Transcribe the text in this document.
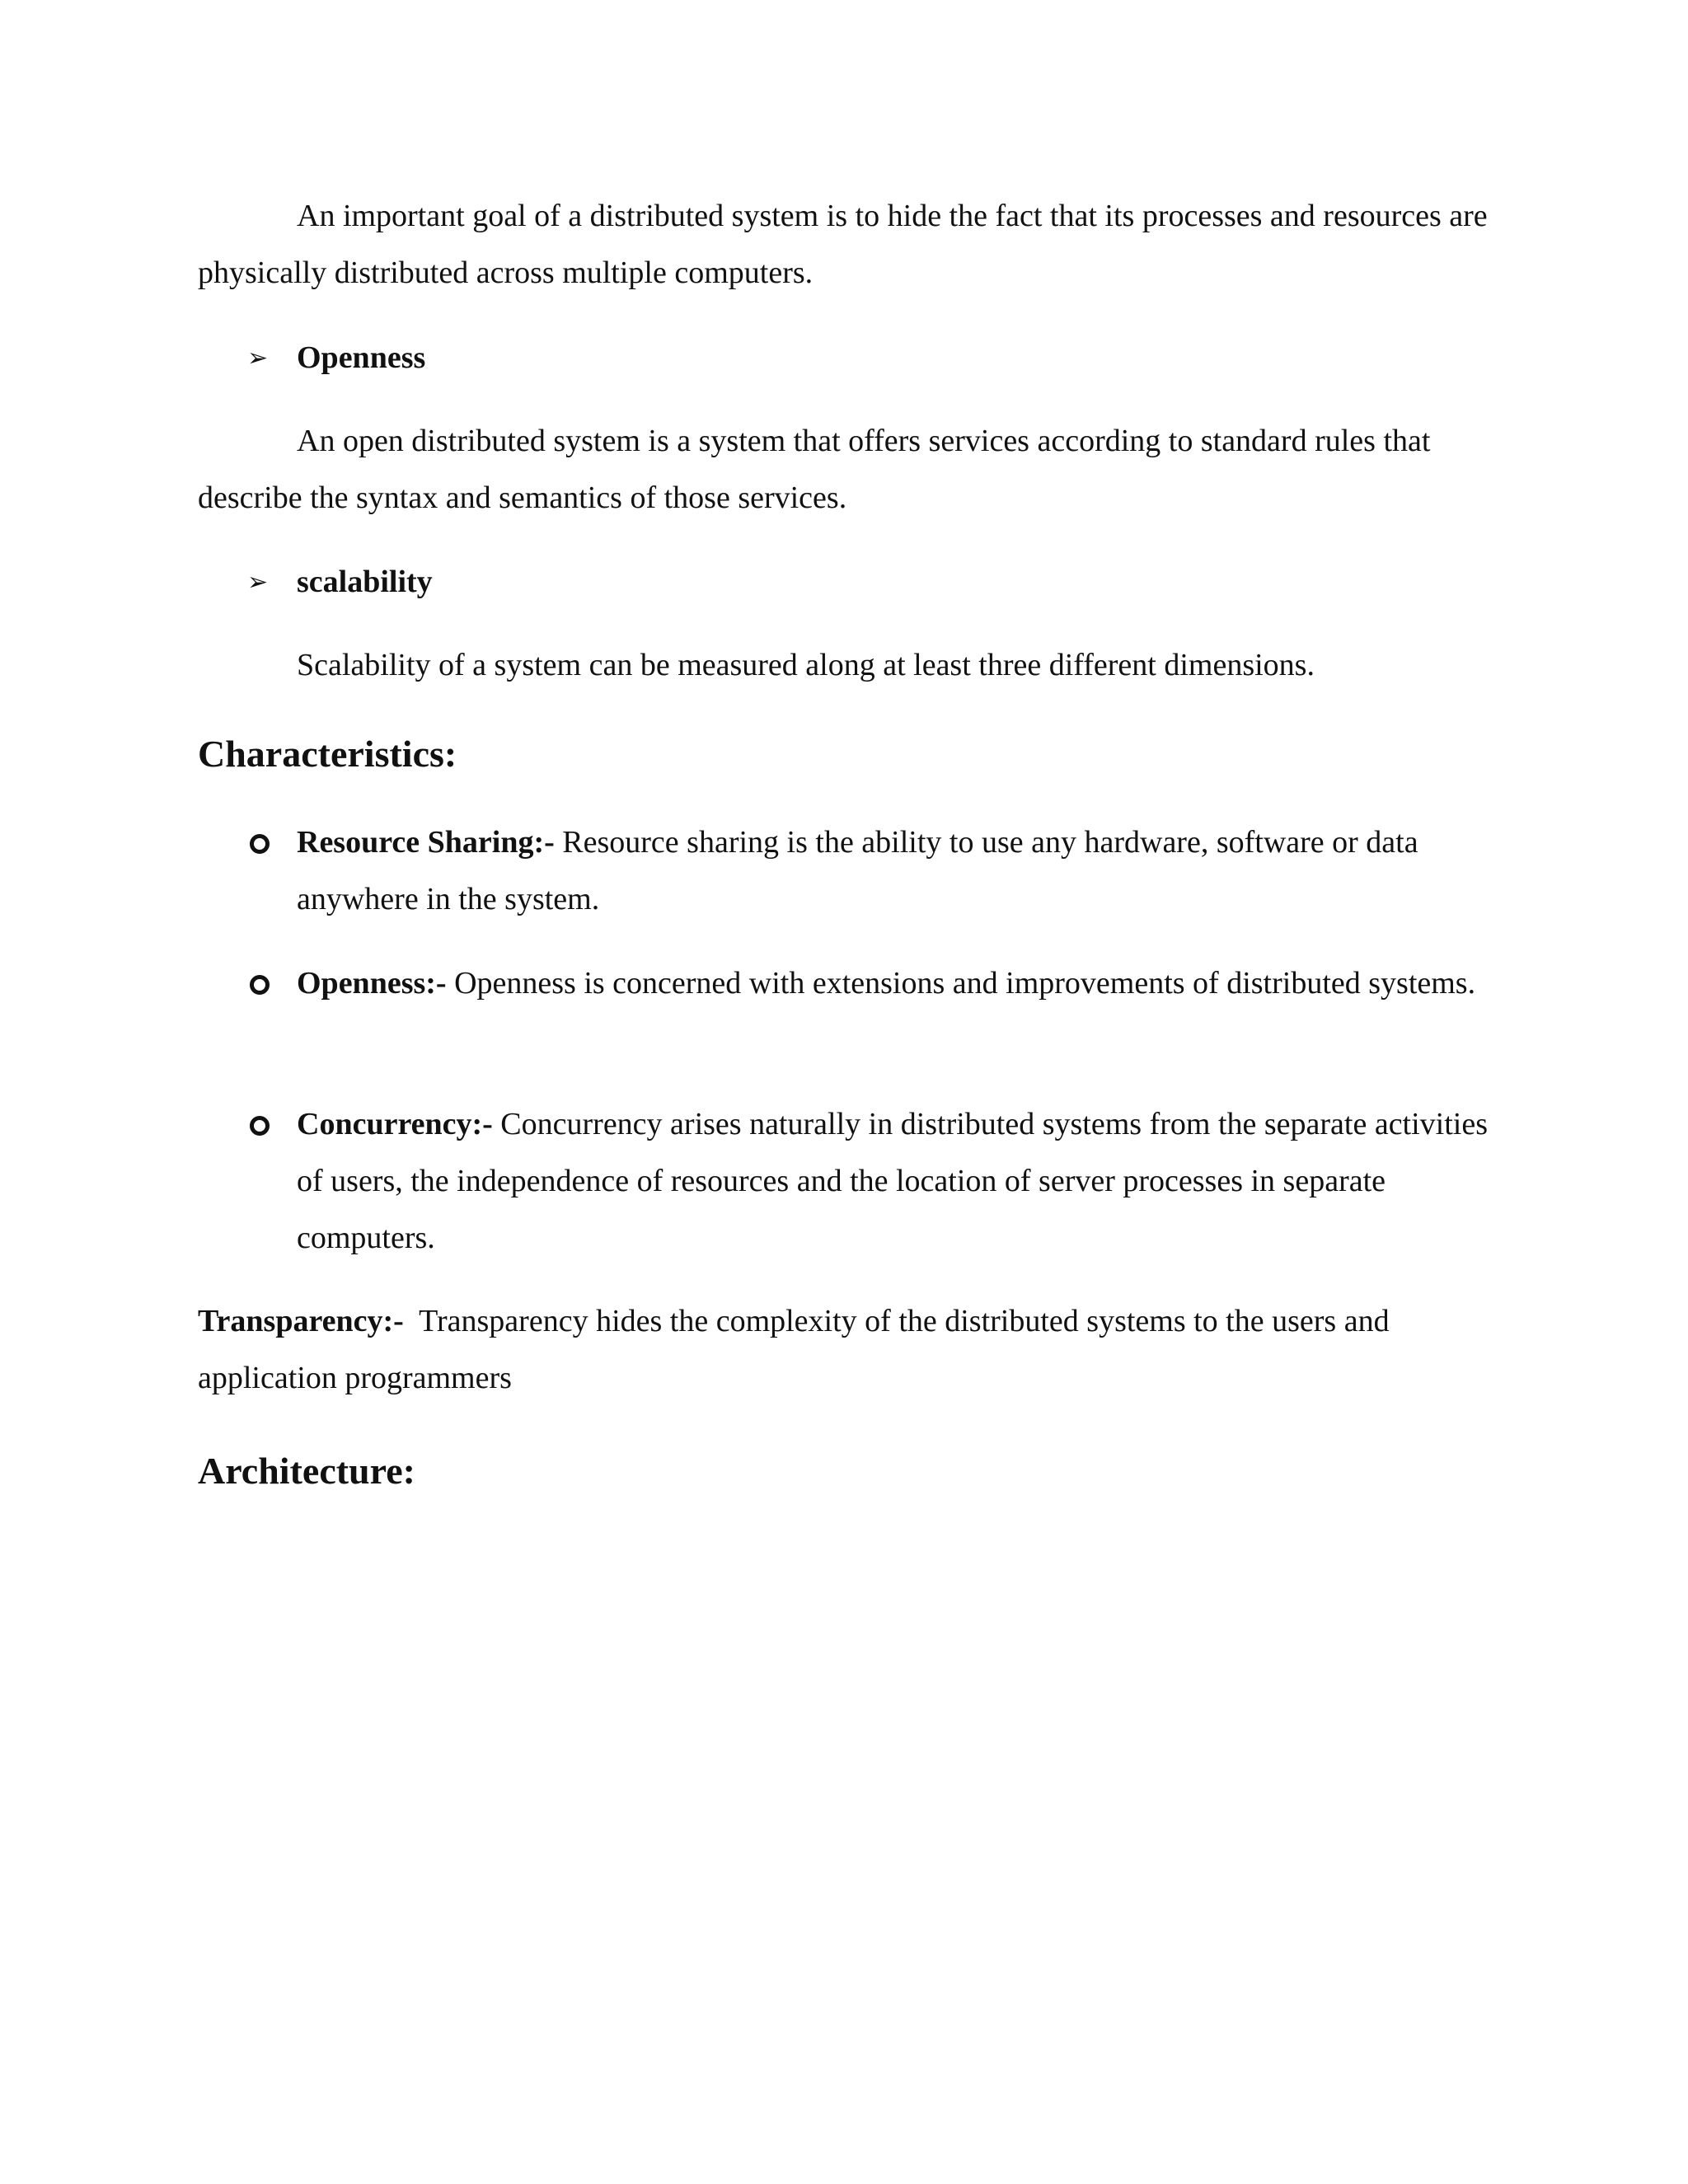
An important goal of a distributed system is to hide the fact that its processes and resources are physically distributed across multiple computers.

➢ Openness

An open distributed system is a system that offers services according to standard rules that describe the syntax and semantics of those services.

➢ scalability

Scalability of a system can be measured along at least three different dimensions.

Characteristics:
Resource Sharing:- Resource sharing is the ability to use any hardware, software or data anywhere in the system.
Openness:- Openness is concerned with extensions and improvements of distributed systems.
Concurrency:- Concurrency arises naturally in distributed systems from the separate activities of users, the independence of resources and the location of server processes in separate computers.

Transparency:-  Transparency hides the complexity of the distributed systems to the users and application programmers

Architecture:
